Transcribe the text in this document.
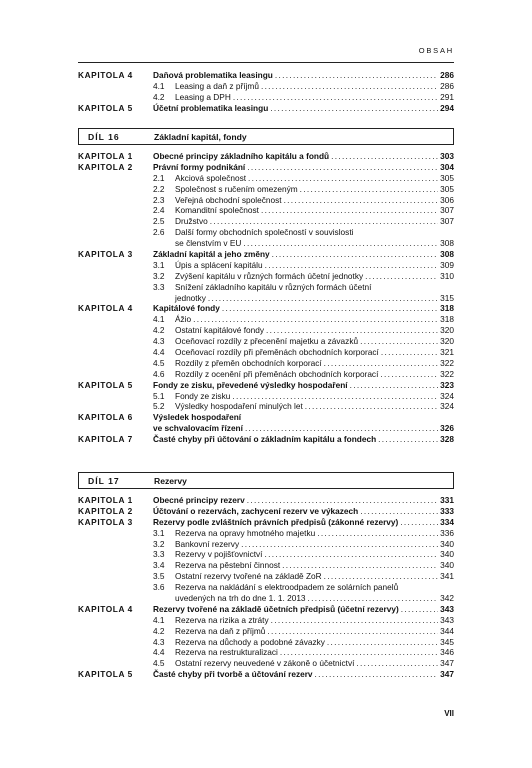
OBSAH
KAPITOLA 4 Daňová problematika leasingu . . .	286
4.1 Leasing a daň z příjmů . . .	286
4.2 Leasing a DPH . . .	291
KAPITOLA 5 Účetní problematika leasingu . . .	294
DÍL 16	Základní kapitál, fondy
KAPITOLA 1 Obecné principy základního kapitálu a fondů . . .	303
KAPITOLA 2 Právní formy podnikání . . .	304
2.1 Akciová společnost . . .	305
2.2 Společnost s ručením omezeným . . .	305
2.3 Veřejná obchodní společnost . . .	306
2.4 Komanditní společnost . . .	307
2.5 Družstvo . . .	307
2.6 Další formy obchodních společností v souvislosti
se členstvím v EU . . .	308
KAPITOLA 3 Základní kapitál a jeho změny . . .	308
3.1 Úpis a splácení kapitálu . . .	309
3.2 Zvýšení kapitálu v různých formách účetní jednotky . . .	310
3.3 Snížení základního kapitálu v různých formách účetní
jednotky . . .	315
KAPITOLA 4 Kapitálové fondy . . .	318
4.1 Ážio . . .	318
4.2 Ostatní kapitálové fondy . . .	320
4.3 Oceňovací rozdíly z přecenění majetku a závazků . . .	320
4.4 Oceňovací rozdíly při přeměnách obchodních korporací . . .	321
4.5 Rozdíly z přeměn obchodních korporací . . .	322
4.6 Rozdíly z ocenění při přeměnách obchodních korporací . . .	322
KAPITOLA 5 Fondy ze zisku, převedené výsledky hospodaření . . .	323
5.1 Fondy ze zisku . . .	324
5.2 Výsledky hospodaření minulých let . . .	324
KAPITOLA 6 Výsledek hospodaření
ve schvalovacím řízení . . .	326
KAPITOLA 7 Časté chyby při účtování o základním kapitálu a fondech . . .	328
DÍL 17	Rezervy
KAPITOLA 1 Obecné principy rezerv . . .	331
KAPITOLA 2 Účtování o rezervách, zachycení rezerv ve výkazech . . .	333
KAPITOLA 3 Rezervy podle zvláštních právních předpisů (zákonné rezervy) . . .	334
3.1 Rezerva na opravy hmotného majetku . . .	336
3.2 Bankovní rezervy . . .	340
3.3 Rezervy v pojišťovnictví . . .	340
3.4 Rezerva na pěstební činnost . . .	340
3.5 Ostatní rezervy tvořené na základě ZoR . . .	341
3.6 Rezerva na nakládání s elektroodpadem ze solárních panelů
uvedených na trh do dne 1. 1. 2013 . . .	342
KAPITOLA 4 Rezervy tvořené na základě účetních předpisů (účetní rezervy) . . .	343
4.1 Rezerva na rizika a ztráty . . .	343
4.2 Rezerva na daň z příjmů . . .	344
4.3 Rezerva na důchody a podobné závazky . . .	345
4.4 Rezerva na restrukturalizaci . . .	346
4.5 Ostatní rezervy neuvedené v zákoně o účetnictví . . .	347
KAPITOLA 5 Časté chyby při tvorbě a účtování rezerv . . .	347
VII
